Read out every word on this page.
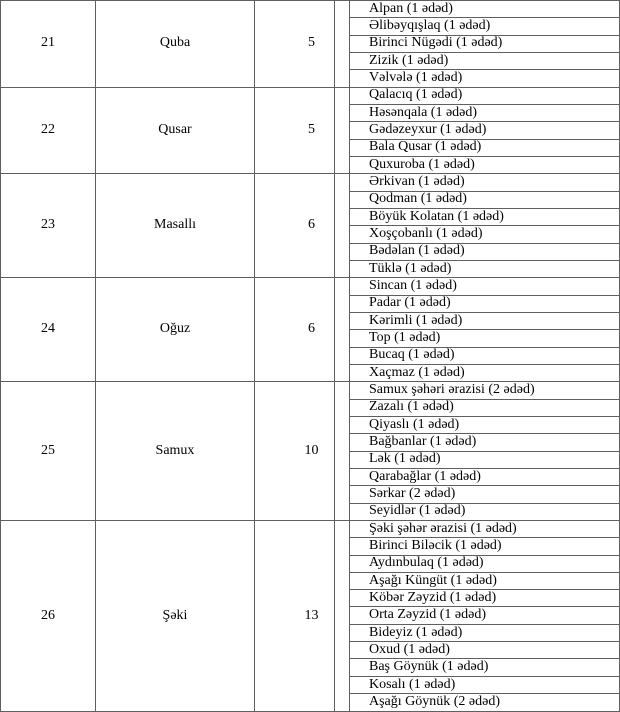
21	Quba	5		Alpan (1 ədəd)
				Əlibəyqışlaq (1 ədəd)
				Birinci Nügədi (1 ədəd)
				Zizik (1 ədəd)
				Vəlvələ (1 ədəd)
22	Qusar	5		Qalacıq (1 ədəd)
				Həsənqala (1 ədəd)
				Gədəzeyxur (1 ədəd)
				Bala Qusar (1 ədəd)
				Quxuroba (1 ədəd)
23	Masallı	6		Ərkivan (1 ədəd)
				Qodman (1 ədəd)
				Böyük Kolatan (1 ədəd)
				Xoşçobanlı (1 ədəd)
				Bədəlan (1 ədəd)
				Tüklə (1 ədəd)
24	Oğuz	6		Sincan (1 ədəd)
				Padar (1 ədəd)
				Kərimli (1 ədəd)
				Top (1 ədəd)
				Bucaq (1 ədəd)
				Xaçmaz (1 ədəd)
25	Samux	10		Samux şəhəri ərazisi (2 ədəd)
				Zazalı (1 ədəd)
				Qiyaslı (1 ədəd)
				Bağbanlar (1 ədəd)
				Lək (1 ədəd)
				Qarabağlar (1 ədəd)
				Sərkar (2 ədəd)
				Seyidlər (1 ədəd)
26	Şəki	13		Şəki şəhər ərazisi (1 ədəd)
				Birinci Biləcik (1 ədəd)
				Aydınbulaq (1 ədəd)
				Aşağı Küngüt (1 ədəd)
				Köbər Zəyzid (1 ədəd)
				Orta Zəyzid (1 ədəd)
				Bideyiz (1 ədəd)
				Oxud (1 ədəd)
				Baş Göynük (1 ədəd)
				Kosalı (1 ədəd)
				Aşağı Göynük (2 ədəd)
